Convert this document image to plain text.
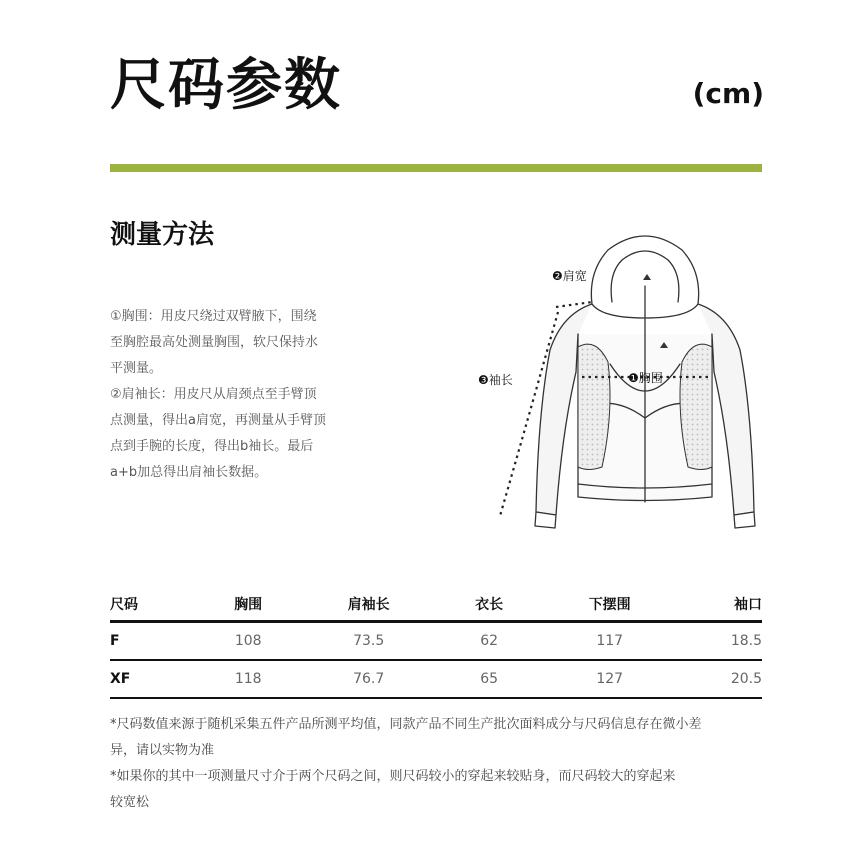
尺码参数	(cm)
测量方法

①胸围：用皮尺绕过双臂腋下，围绕

至胸腔最高处测量胸围，软尺保持水

平测量。

②肩袖长：用皮尺从肩颈点至手臂顶

点测量，得出a肩宽，再测量从手臂顶

点到手腕的长度，得出b袖长。最后

a+b加总得出肩袖长数据。

❶胸围
❷肩宽
❸袖长
尺码	胸围	肩袖长	衣长	下摆围	袖口
F	108	73.5	62	117	18.5
XF	118	76.7	65	127	20.5

*尺码数值来源于随机采集五件产品所测平均值，同款产品不同生产批次面料成分与尺码信息存在微小差

异，请以实物为准

*如果你的其中一项测量尺寸介于两个尺码之间，则尺码较小的穿起来较贴身，而尺码较大的穿起来

较宽松
